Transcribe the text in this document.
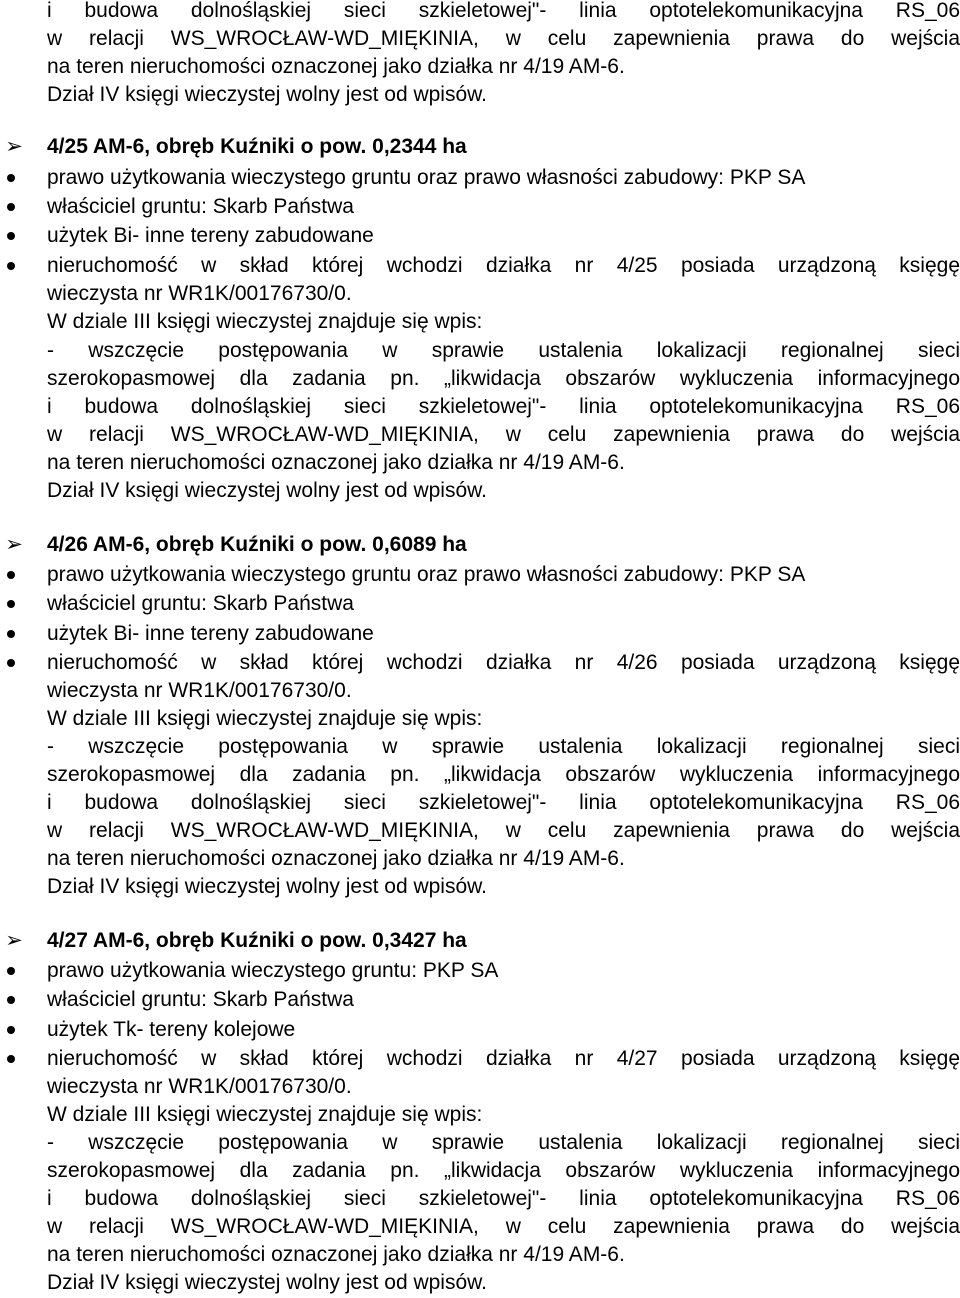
i budowa dolnośląskiej sieci szkieletowej"- linia optotelekomunikacyjna RS_06
w relacji WS_WROCŁAW-WD_MIĘKINIA, w celu zapewnienia prawa do wejścia
na teren nieruchomości oznaczonej jako działka nr 4/19 AM-6.
Dział IV księgi wieczystej wolny jest od wpisów.
➢ 4/25 AM-6, obręb Kuźniki o pow. 0,2344 ha
prawo użytkowania wieczystego gruntu oraz prawo własności zabudowy: PKP SA
właściciel gruntu: Skarb Państwa
użytek Bi- inne tereny zabudowane
nieruchomość w skład której wchodzi działka nr 4/25 posiada urządzoną księgę
wieczysta nr WR1K/00176730/0.
W dziale III księgi wieczystej znajduje się wpis:
- wszczęcie postępowania w sprawie ustalenia lokalizacji regionalnej sieci
szerokopasmowej dla zadania pn. „likwidacja obszarów wykluczenia informacyjnego
i budowa dolnośląskiej sieci szkieletowej"- linia optotelekomunikacyjna RS_06
w relacji WS_WROCŁAW-WD_MIĘKINIA, w celu zapewnienia prawa do wejścia
na teren nieruchomości oznaczonej jako działka nr 4/19 AM-6.
Dział IV księgi wieczystej wolny jest od wpisów.
➢ 4/26 AM-6, obręb Kuźniki o pow. 0,6089 ha
prawo użytkowania wieczystego gruntu oraz prawo własności zabudowy: PKP SA
właściciel gruntu: Skarb Państwa
użytek Bi- inne tereny zabudowane
nieruchomość w skład której wchodzi działka nr 4/26 posiada urządzoną księgę
wieczysta nr WR1K/00176730/0.
W dziale III księgi wieczystej znajduje się wpis:
- wszczęcie postępowania w sprawie ustalenia lokalizacji regionalnej sieci
szerokopasmowej dla zadania pn. „likwidacja obszarów wykluczenia informacyjnego
i budowa dolnośląskiej sieci szkieletowej"- linia optotelekomunikacyjna RS_06
w relacji WS_WROCŁAW-WD_MIĘKINIA, w celu zapewnienia prawa do wejścia
na teren nieruchomości oznaczonej jako działka nr 4/19 AM-6.
Dział IV księgi wieczystej wolny jest od wpisów.
➢ 4/27 AM-6, obręb Kuźniki o pow. 0,3427 ha
prawo użytkowania wieczystego gruntu: PKP SA
właściciel gruntu: Skarb Państwa
użytek Tk- tereny kolejowe
nieruchomość w skład której wchodzi działka nr 4/27 posiada urządzoną księgę
wieczysta nr WR1K/00176730/0.
W dziale III księgi wieczystej znajduje się wpis:
- wszczęcie postępowania w sprawie ustalenia lokalizacji regionalnej sieci
szerokopasmowej dla zadania pn. „likwidacja obszarów wykluczenia informacyjnego
i budowa dolnośląskiej sieci szkieletowej"- linia optotelekomunikacyjna RS_06
w relacji WS_WROCŁAW-WD_MIĘKINIA, w celu zapewnienia prawa do wejścia
na teren nieruchomości oznaczonej jako działka nr 4/19 AM-6.
Dział IV księgi wieczystej wolny jest od wpisów.
